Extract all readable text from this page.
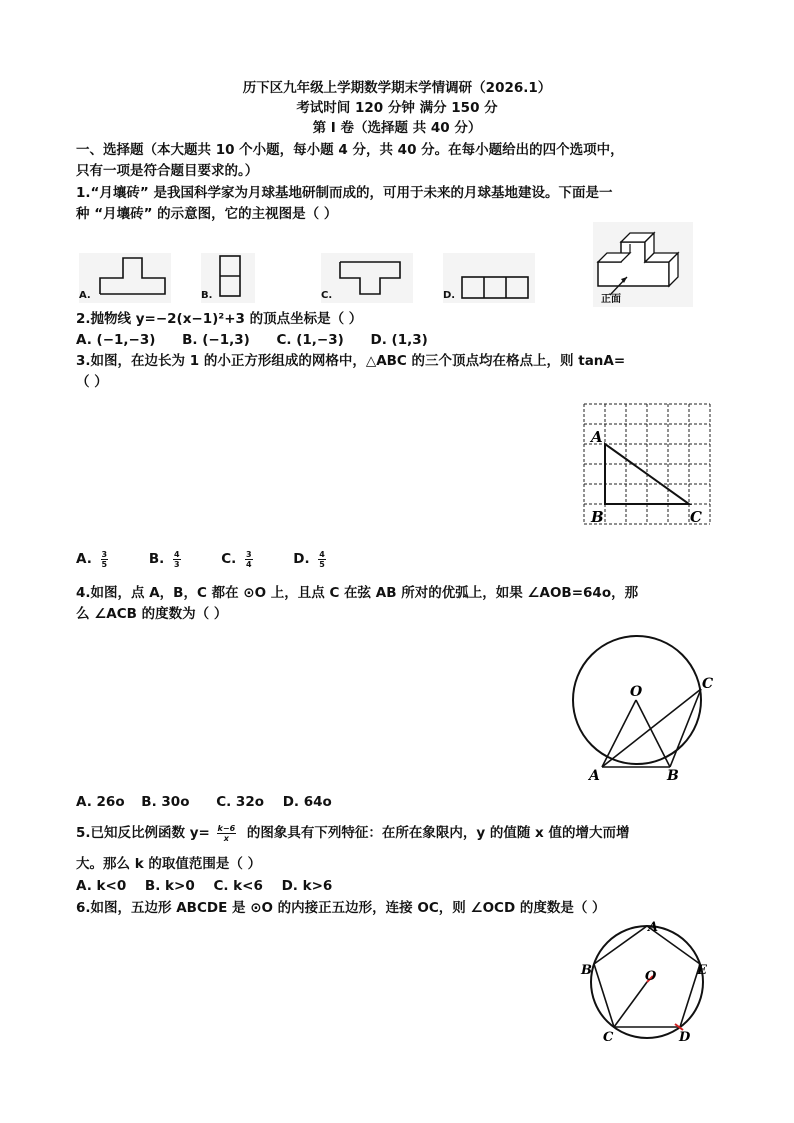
历下区九年级上学期数学期末学情调研（2026.1）
考试时间 120 分钟 满分 150 分
第 Ⅰ 卷（选择题 共 40 分）
一、选择题（本大题共 10 个小题，每小题 4 分，共 40 分。在每小题给出的四个选项中，
只有一项是符合题目要求的。）
1.“月壤砖” 是我国科学家为月球基地研制而成的，可用于未来的月球基地建设。下面是一
种 “月壤砖” 的示意图，它的主视图是（ ）
A.	B.	C.	D.	正面
2.抛物线 y=−2(x−1)²+3 的顶点坐标是（ ）
A. (−1,−3) B. (−1,3) C. (1,−3) D. (1,3)
3.如图，在边长为 1 的小正方形组成的网格中，△ABC 的三个顶点均在格点上，则 tanA=
（ ）
A
B	C
A. $\frac{3}{5}$	B. $\frac{4}{3}$	C. $\frac{3}{4}$	D. $\frac{4}{5}$
4.如图，点 A，B，C 都在 ⊙O 上，且点 C 在弦 AB 所对的优弧上，如果 ∠AOB=64o，那
么 ∠ACB 的度数为（ ）
O	C
A	B
A. 26o B. 30o C. 32o D. 64o
5.已知反比例函数 $y= \frac{k-6}{x}$ 的图象具有下列特征：在所在象限内，y 的值随 x 值的增大而增
大。那么 k 的取值范围是（ ）
A. k<0 B. k>0 C. k<6 D. k>6
6.如图，五边形 ABCDE 是 ⊙O 的内接正五边形，连接 OC，则 ∠OCD 的度数是（ ）
A
B	O	E
C	D
